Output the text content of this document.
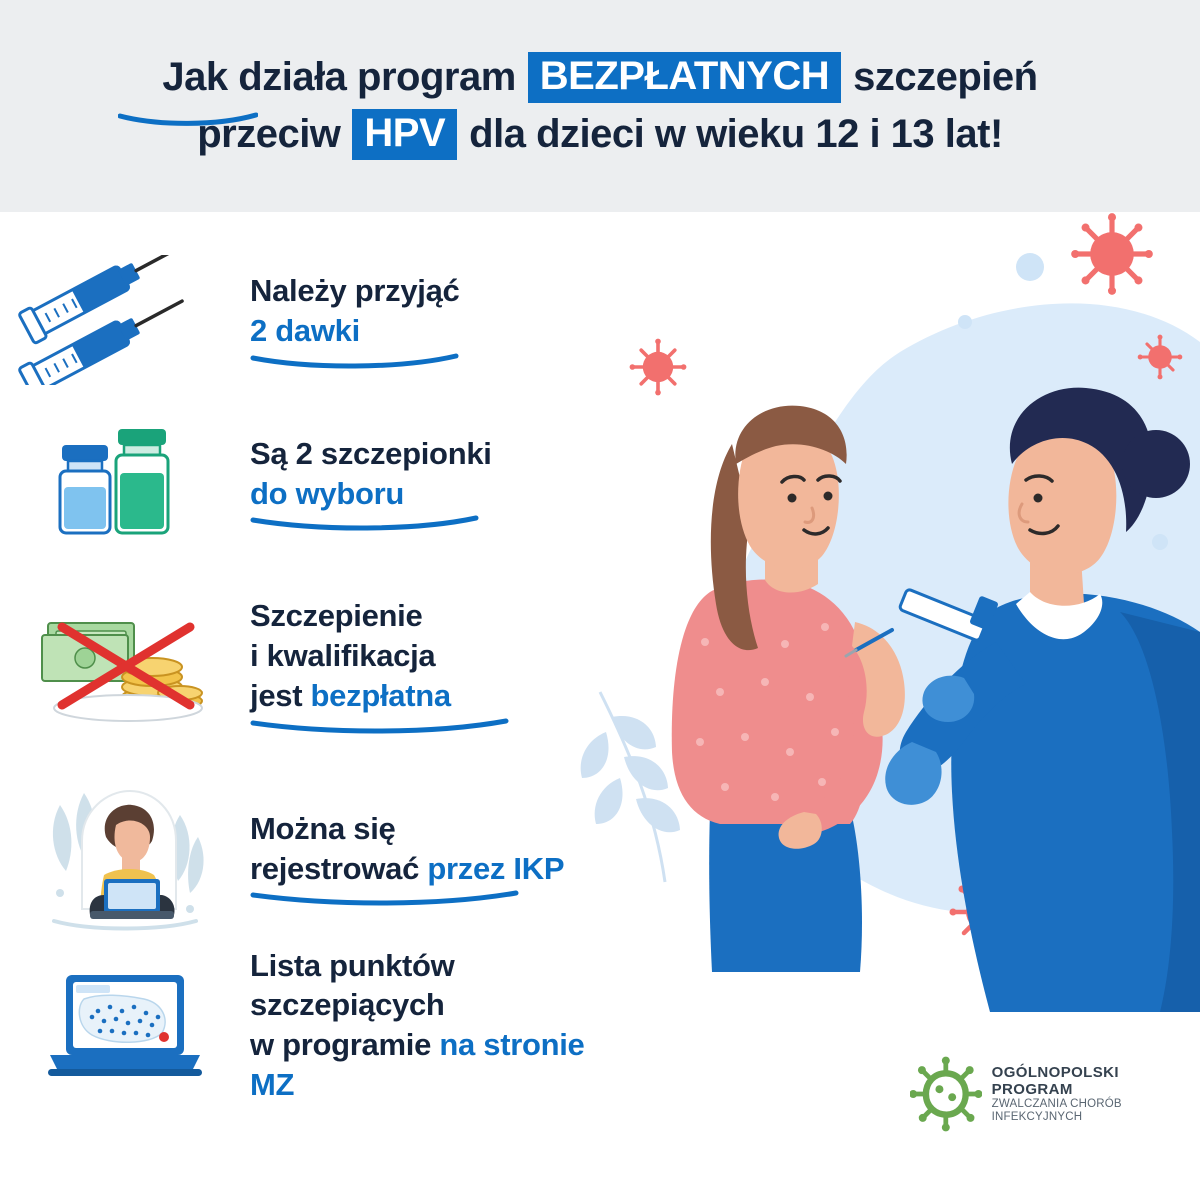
Jak działa program BEZPŁATNYCH szczepień
przeciw HPV dla dzieci w wieku 12 i 13 lat!
Należy przyjąć
2 dawki
Są 2 szczepionki
do wyboru
Szczepienie
i kwalifikacja
jest bezpłatna
Można się
rejestrować przez IKP
Lista punktów szczepiących
w programie na stronie MZ	OGÓLNOPOLSKI PROGRAM
ZWALCZANIA CHORÓB INFEKCYJNYCH
